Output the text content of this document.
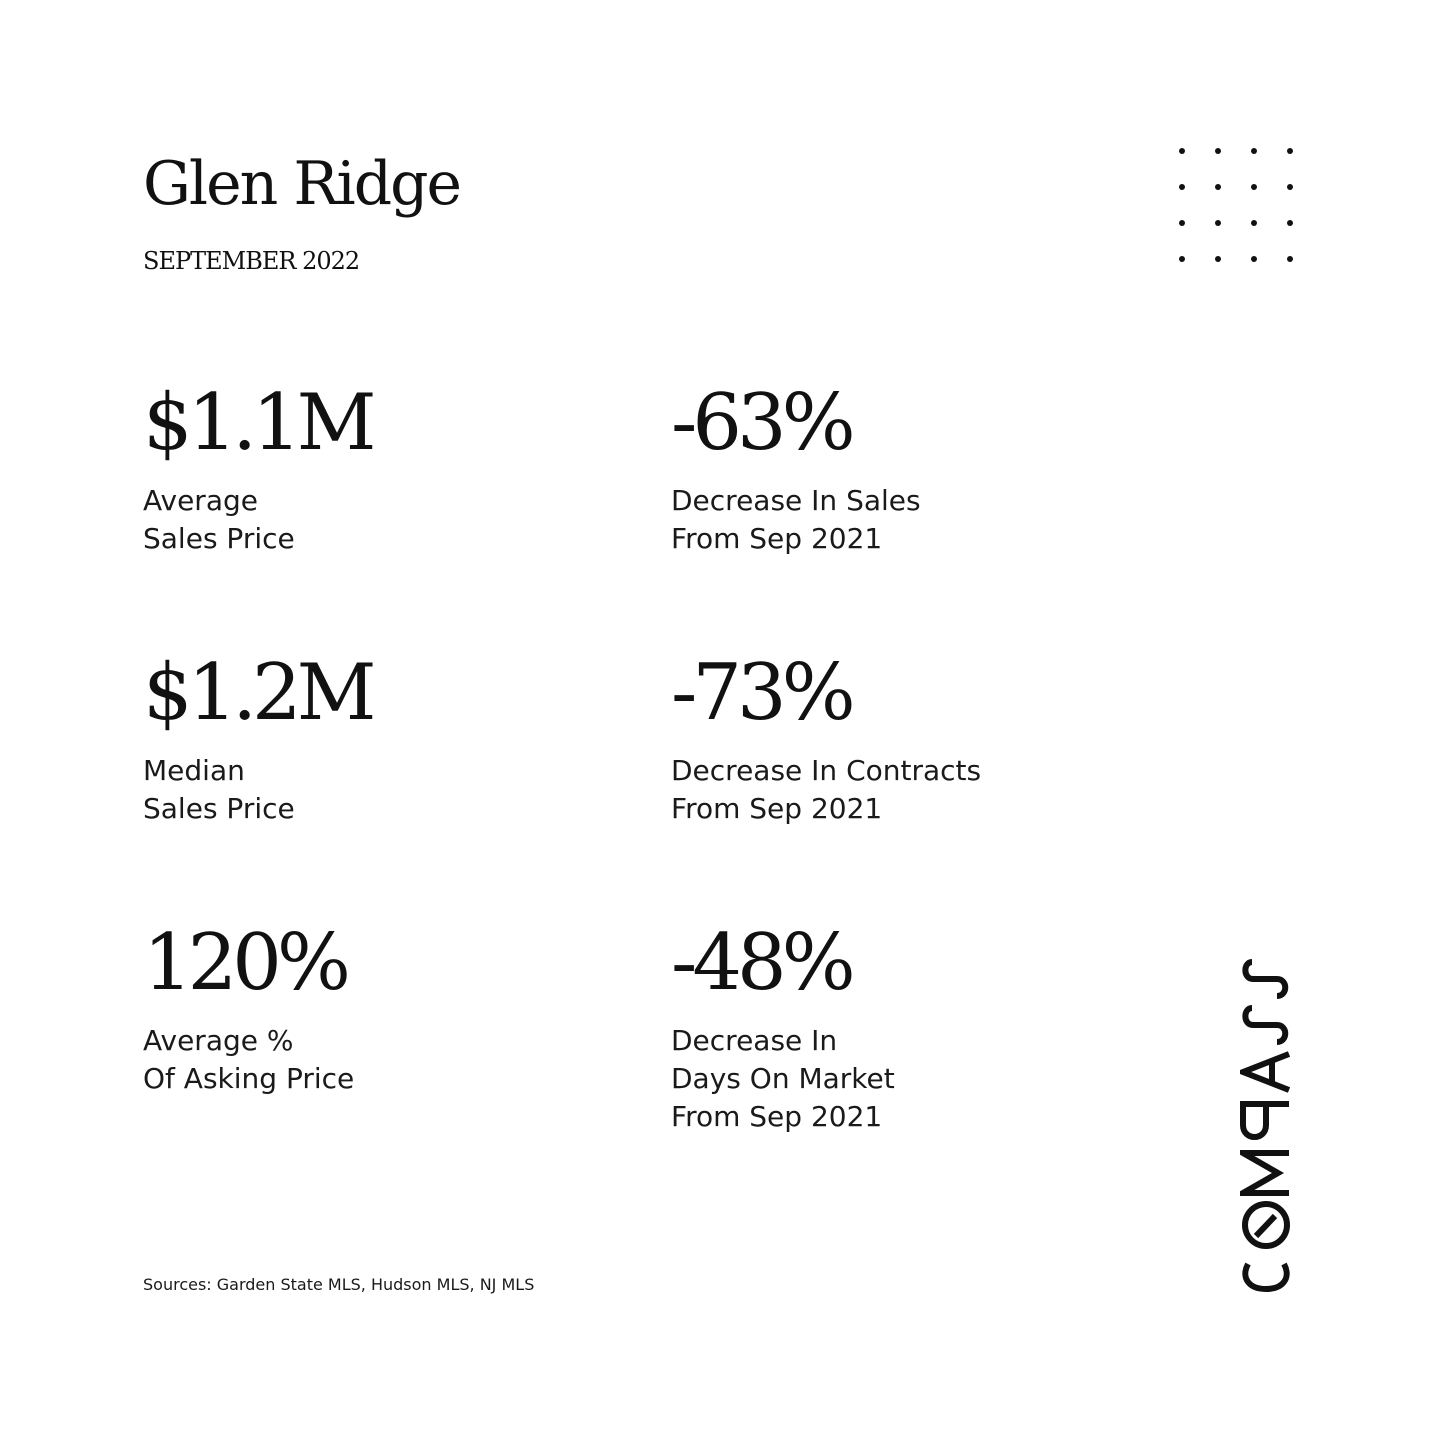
Glen Ridge
SEPTEMBER 2022
$1.1M
Average
Sales Price
-63%
Decrease In Sales
From Sep 2021
$1.2M
Median
Sales Price
-73%
Decrease In Contracts
From Sep 2021
120%
Average %
Of Asking Price
-48%
Decrease In
Days On Market
From Sep 2021
Sources: Garden State MLS, Hudson MLS, NJ MLS
